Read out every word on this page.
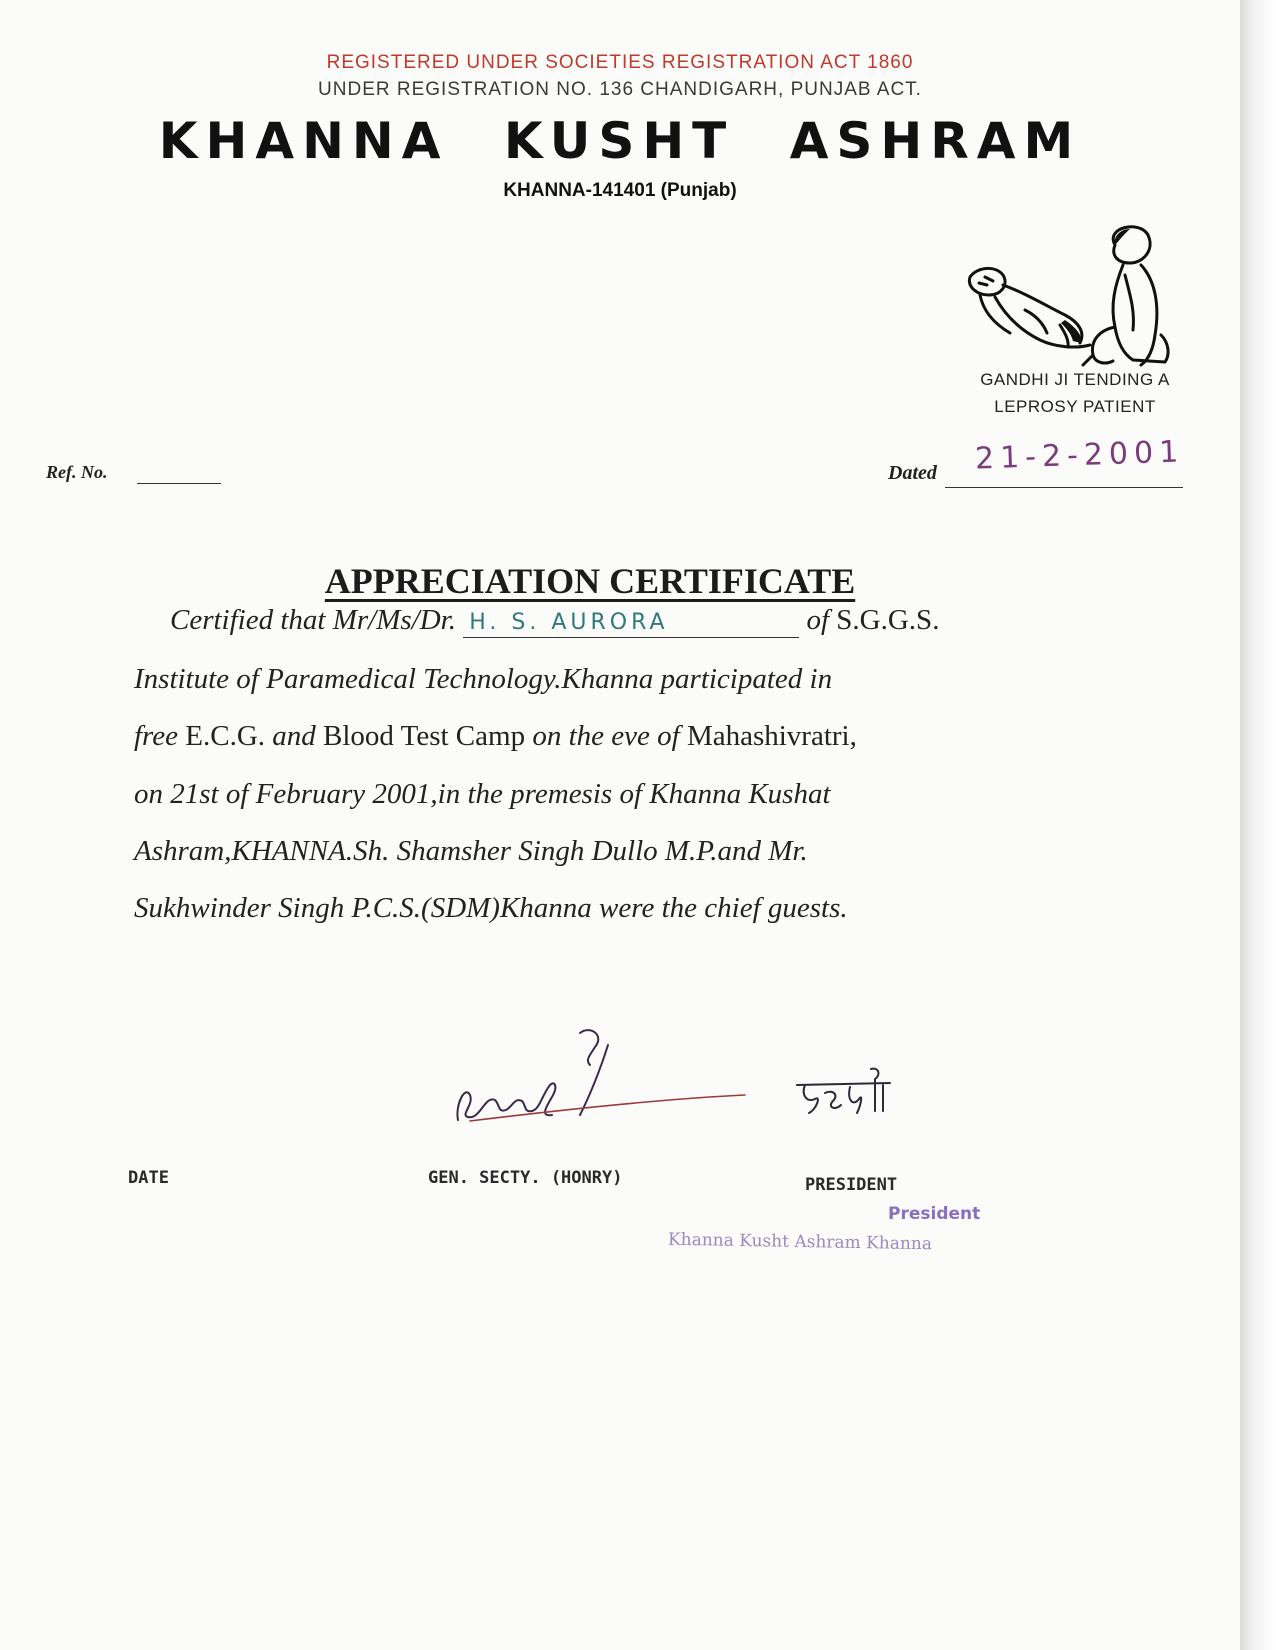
REGISTERED UNDER SOCIETIES REGISTRATION ACT 1860
UNDER REGISTRATION NO. 136 CHANDIGARH, PUNJAB ACT.
KHANNA KUSHT ASHRAM
KHANNA-141401 (Punjab)
GANDHI JI TENDING A
LEPROSY PATIENT
Ref. No.	Dated 21-2-2001
APPRECIATION CERTIFICATE
Certified that Mr/Ms/Dr. H. S. AURORA	of S.G.G.S.
Institute of Paramedical Technology.Khanna participated in
free E.C.G. and Blood Test Camp on the eve of Mahashivratri,
on 21st of February 2001,in the premesis of Khanna Kushat
Ashram,KHANNA.Sh. Shamsher Singh Dullo M.P.and Mr.
Sukhwinder Singh P.C.S.(SDM)Khanna were the chief guests.
DATE	GEN. SECTY. (HONRY)	PRESIDENT
President
Khanna Kusht Ashram Khanna
